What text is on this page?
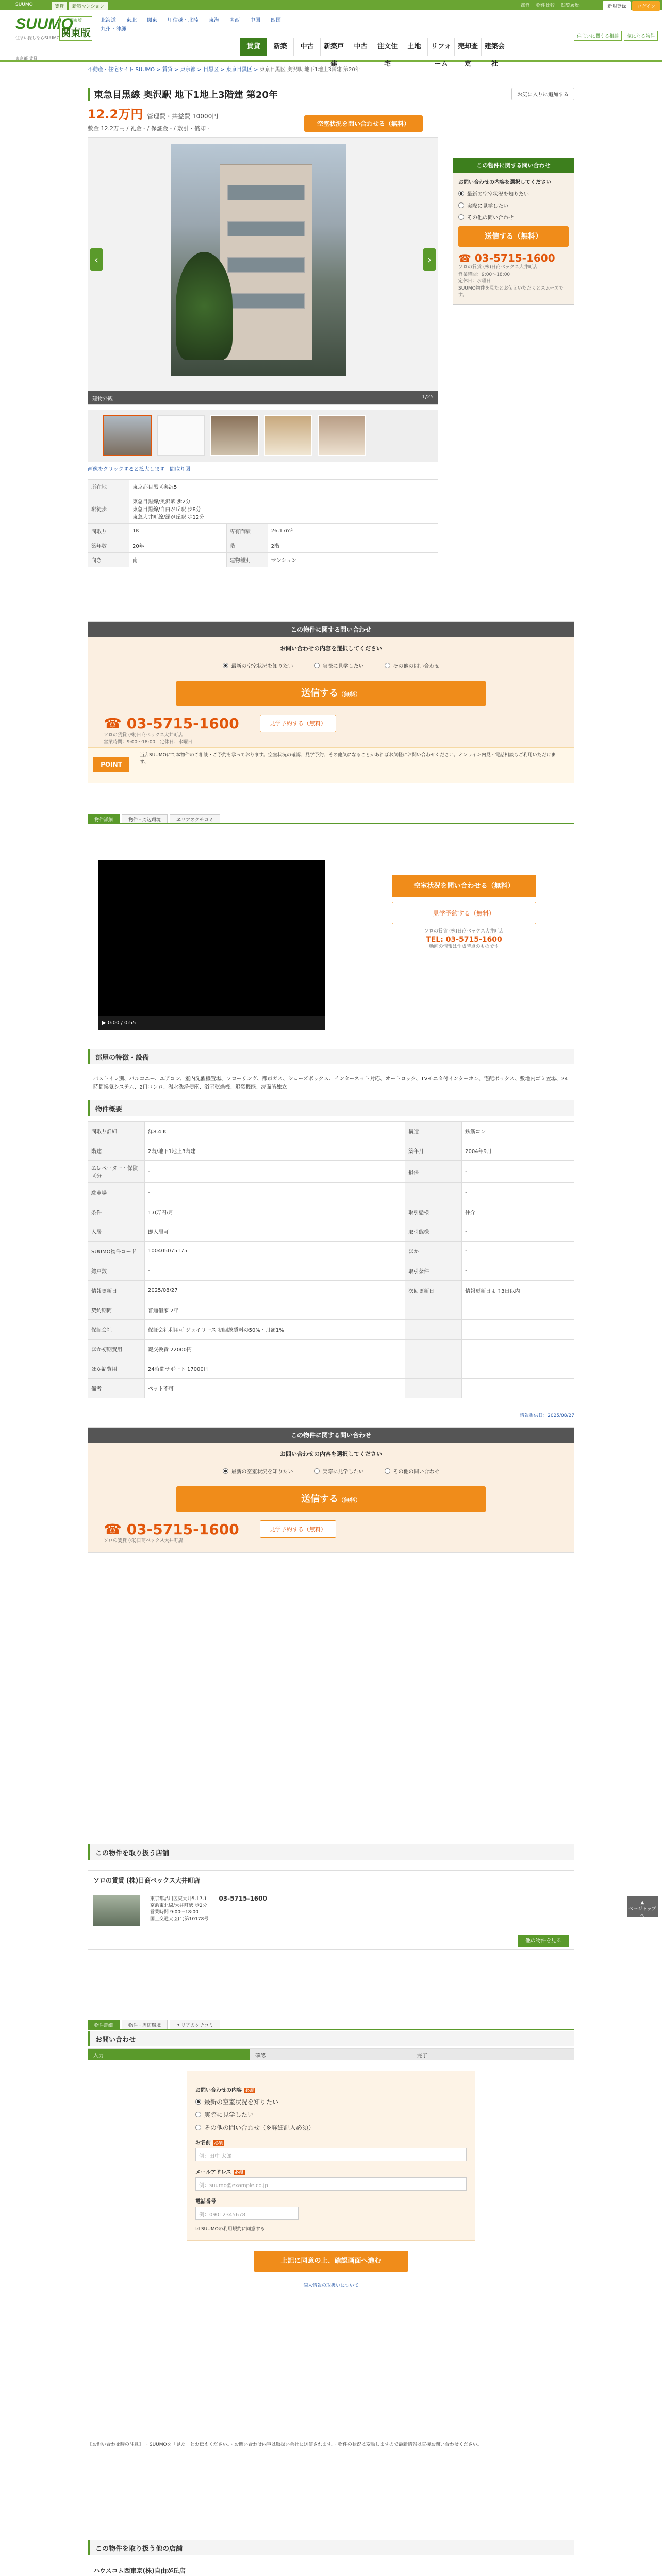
SUUMO	賃貸	新築マンション	都営 物件比較 閲覧履歴	新規登録	ログイン
SUUMO
住まい探しならSUUMO
関東版
関東版
北海道 東北 関東 甲信越・北陸 東海 関西 中国 四国
九州・沖縄
住まいに関する相談	気になる物件
賃貸	新築	中古	新築戸建
中古	注文住宅
土地	リフォーム
売却査定
建築会社
東京都 賃貸
不動産・住宅サイト SUUMO > 賃貸 > 東京都 > 目黒区 > 東京目黒区 > 東京目黒区 奥沢駅 地下1地上3階建 第20年
東急目黒線 奥沢駅 地下1地上3階建 第20年	お気に入りに追加する
12.2万円 管理費・共益費 10000円
敷金 12.2万円 / 礼金 - / 保証金 - / 敷引・償却 -
空室状況を問い合わせる（無料）
‹	›
建物外観	1/25
画像をクリックすると拡大します 間取り図
所在地	東京都目黒区奥沢5		
駅徒歩	東急目黒線/奥沢駅 歩2分
東急目黒線/自由が丘駅 歩8分
東急大井町線/緑が丘駅 歩12分		
間取り	1K	専有面積	26.17m²
築年数	20年	階	2階
向き	南	建物種別	マンション
この物件に関する問い合わせ
お問い合わせの内容を選択してください
最新の空室状況を知りたい
実際に見学したい
その他の問い合わせ
送信する（無料）
☎ 03-5715-1600
ソロの賃貸 (株)日商ベックス大井町店
営業時間：9:00～18:00
定休日：水曜日
SUUMO物件を見たとお伝えいただくとスムーズです。
この物件に関する問い合わせ
お問い合わせの内容を選択してください
最新の空室状況を知りたい	実際に見学したい	その他の問い合わせ
送信する（無料）
☎ 03-5715-1600	見学予約する（無料）
ソロの賃貸 (株)日商ベックス大井町店
営業時間：9:00～18:00　定休日：水曜日
POINT
当店SUUMOにて本物件のご相談・ご予約も承っております。空室状況の確認、見学予約、その他気になることがあればお気軽にお問い合わせください。オンライン内見・電話相談もご利用いただけます。
物件詳細	物件・周辺環境	エリアのクチコミ
▶ 0:00 / 0:55
空室状況を問い合わせる（無料）
見学予約する（無料）
ソロの賃貸 (株)日商ベックス大井町店
TEL: 03-5715-1600
動画の情報は作成時点のものです
部屋の特徴・設備
バストイレ別、バルコニー、エアコン、室内洗濯機置場、フローリング、都市ガス、シューズボックス、インターネット対応、オートロック、TVモニタ付インターホン、宅配ボックス、敷地内ゴミ置場、24時間換気システム、2口コンロ、温水洗浄便座、浴室乾燥機、追焚機能、洗面所独立
物件概要
間取り詳細	洋8.4 K	構造	鉄筋コン
階建	2階/地下1地上3階建	築年月	2004年9月
エレベーター・保険区分	-	損保	-
駐車場	-		-
条件	1.0万円/月	取引態様	仲介
入居	即入居可	取引態様	-
SUUMO物件コード	100405075175	ほか	-
総戸数	-	取引条件	-
情報更新日	2025/08/27	次回更新日	情報更新日より3日以内
契約期間	普通借家 2年		
保証会社	保証会社利用可 ジェイリース 初回総賃料の50%・月額1%		
ほか初期費用	鍵交換費 22000円		
ほか諸費用	24時間サポート 17000円		
備考	ペット不可		
情報提供日：2025/08/27
この物件に関する問い合わせ
お問い合わせの内容を選択してください
最新の空室状況を知りたい	実際に見学したい	その他の問い合わせ
送信する（無料）
☎ 03-5715-1600	見学予約する（無料）
ソロの賃貸 (株)日商ベックス大井町店
この物件を取り扱う店舗
ソロの賃貸 (株)日商ベックス大井町店
東京都品川区東大井5-17-1
京浜東北線/大井町駅 歩2分
営業時間 9:00～18:00
国土交通大臣(1)第10178号
03-5715-1600
他の物件を見る
物件詳細	物件・周辺環境	エリアのクチコミ
お問い合わせ
入力	確認	完了
お問い合わせの内容 必須
最新の空室状況を知りたい
実際に見学したい
その他の問い合わせ（※詳細記入必須）
お名前 必須
例：田中 太郎
メールアドレス 必須
例：suumo@example.co.jp
電話番号
例：09012345678
☑ SUUMOの利用規約に同意する
上記に同意の上、確認画面へ進む
個人情報の取扱いについて
【お問い合わせ時の注意】 ・SUUMOを「見た」とお伝えください。・お問い合わせ内容は取扱い会社に送信されます。・物件の状況は変動しますので最新情報は直接お問い合わせください。
この物件を取り扱う他の店舗
ハウスコム西東京(株)自由が丘店
▲
ページトップへ
